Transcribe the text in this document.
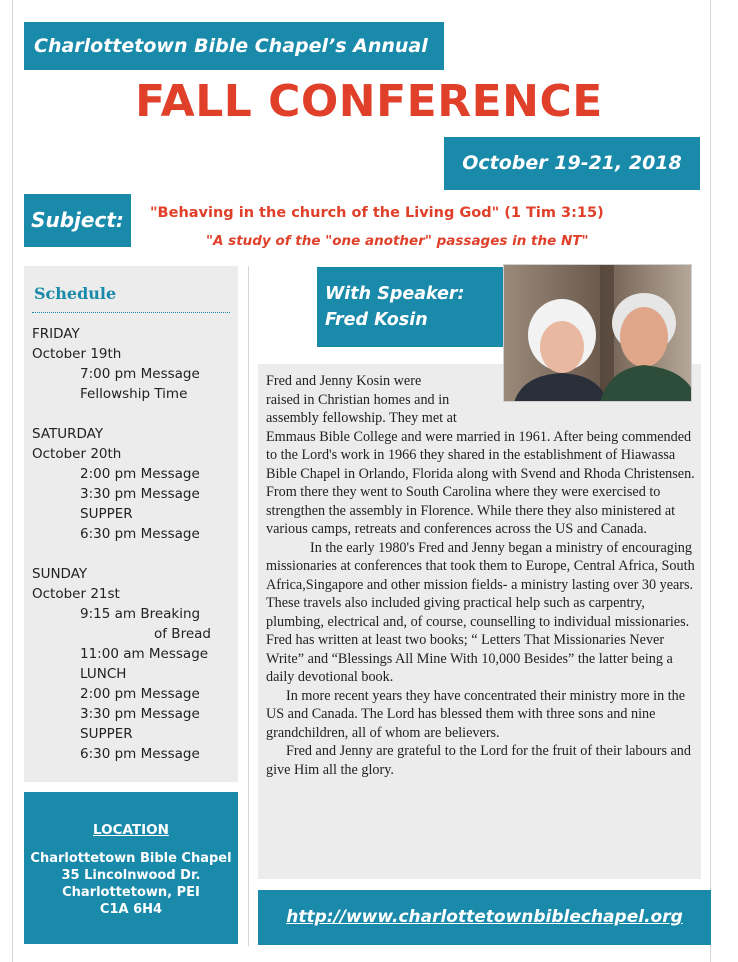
Charlottetown Bible Chapel’s Annual
FALL CONFERENCE
October 19-21, 2018
Subject:	"Behaving in the church of the Living God" (1 Tim 3:15)
"A study of the "one another" passages in the NT"
Schedule
FRIDAY
October 19th
7:00 pm Message
Fellowship Time
SATURDAY
October 20th
2:00 pm Message
3:30 pm Message
SUPPER
6:30 pm Message
SUNDAY
October 21st
9:15 am Breaking
of Bread
11:00 am Message
LUNCH
2:00 pm Message
3:30 pm Message
SUPPER
6:30 pm Message
LOCATION
Charlottetown Bible Chapel
35 Lincolnwood Dr.
Charlottetown, PEI
C1A 6H4
With Speaker:
Fred Kosin
Fred and Jenny Kosin were
raised in Christian homes and in
assembly fellowship. They met at

Emmaus Bible College and were married in 1961. After being commended to the Lord's work in 1966 they shared in the establishment of Hiawassa Bible Chapel in Orlando, Florida along with Svend and Rhoda Christensen. From there they went to South Carolina where they were exercised to strengthen the assembly in Florence. While there they also ministered at various camps, retreats and conferences across the US and Canada.

In the early 1980's Fred and Jenny began a ministry of encouraging missionaries at conferences that took them to Europe, Central Africa, South Africa,Singapore and other mission fields- a ministry lasting over 30 years. These travels also included giving practical help such as carpentry, plumbing, electrical and, of course, counselling to individual missionaries. Fred has written at least two books; “ Letters That Missionaries Never Write” and “Blessings All Mine With 10,000 Besides” the latter being a daily devotional book.

In more recent years they have concentrated their ministry more in the US and Canada. The Lord has blessed them with three sons and nine grandchildren, all of whom are believers.

Fred and Jenny are grateful to the Lord for the fruit of their labours and give Him all the glory.

http://www.charlottetownbiblechapel.org
